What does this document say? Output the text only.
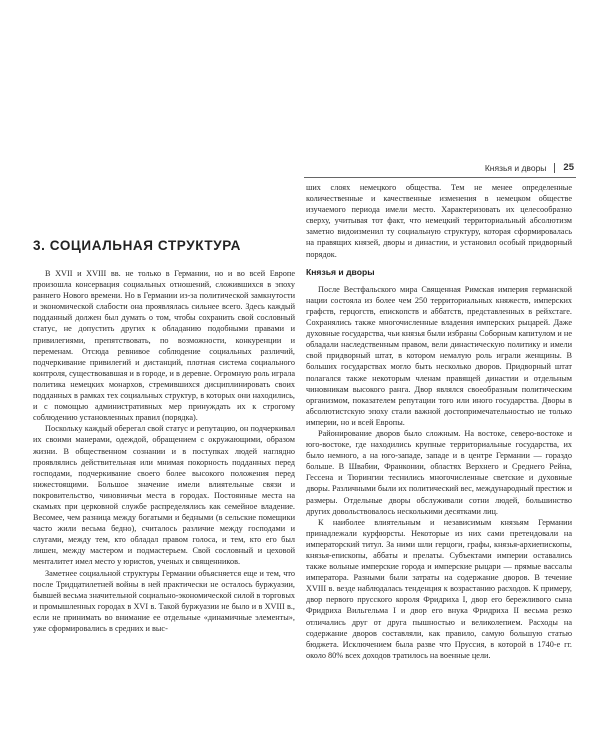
Князья и дворы 25
3. СОЦИАЛЬНАЯ СТРУКТУРА

В XVII и XVIII вв. не только в Германии, но и во всей Европе произошла консервация социальных отношений, сложившихся в эпоху раннего Нового времени. Но в Германии из-за политической замкнутости и экономической слабости она проявлялась сильнее всего. Здесь каждый подданный должен был думать о том, чтобы сохранить свой сословный статус, не допустить других к обладанию подобными правами и привилегиями, препятствовать, по возможности, конкуренции и переменам. Отсюда ревнивое соблюдение социальных различий, подчеркивание привилегий и дистанций, плотная система социального контроля, существовавшая и в городе, и в деревне. Огромную роль играла политика немецких монархов, стремившихся дисциплинировать своих подданных в рамках тех социальных структур, в которых они находились, и с помощью административных мер принуждать их к строгому соблюдению установленных правил (порядка).

Поскольку каждый оберегал свой статус и репутацию, он подчеркивал их своими манерами, одеждой, обращением с окружающими, образом жизни. В общественном сознании и в поступках людей наглядно проявлялись действительная или мнимая покорность подданных перед господами, подчеркивание своего более высокого положения перед нижестоящими. Большое значение имели влиятельные связи и покровительство, чиновничьи места в городах. Постоянные места на скамьях при церковной службе распределялись как семейное владение. Весомее, чем разница между богатыми и бедными (в сельские помещики часто жили весьма бедно), считалось различие между господами и слугами, между тем, кто обладал правом голоса, и тем, кто его был лишен, между мастером и подмастерьем. Свой сословный и цеховой менталитет имел место у юристов, ученых и священников.

Заметнее социальной структуры Германии объясняется еще и тем, что после Тридцатилетней войны в ней практически не осталось буржуазии, бывшей весьма значительной социально-экономической силой в торговых и промышленных городах в XVI в. Такой буржуазии не было и в XVIII в., если не принимать во внимание ее отдельные «динамичные элементы», уже сформировались в средних и выс-

ших слоях немецкого общества. Тем не менее определенные количественные и качественные изменения в немецком обществе изучаемого периода имели место. Характеризовать их целесообразно сверху, учитывая тот факт, что немецкий территориальный абсолютизм заметно видоизменил ту социальную структуру, которая сформировалась на правящих князей, дворы и династии, и установил особый придворный порядок.

Князья и дворы

После Вестфальского мира Священная Римская империя германской нации состояла из более чем 250 территориальных княжеств, имперских графств, герцогств, епископств и аббатств, представленных в рейхстаге. Сохранялись также многочисленные владения имперских рыцарей. Даже духовные государства, чьи князья были избраны Соборным капитулом и не обладали наследственным правом, вели династическую политику и имели свой придворный штат, в котором немалую роль играли женщины. В больших государствах могло быть несколько дворов. Придворный штат полагался также некоторым членам правящей династии и отдельным чиновникам высокого ранга. Двор являлся своеобразным политическим организмом, показателем репутации того или иного государства. Дворы в абсолютистскую эпоху стали важной достопримечательностью не только империи, но и всей Европы.

Райониpование дворов было сложным. На востоке, северо-востоке и юго-востоке, где находились крупные территориальные государства, их было немного, а на юго-западе, западе и в центре Германии — гораздо больше. В Швабии, Франконии, областях Верхнего и Среднего Рейна, Гессена и Тюрингии теснились многочисленные светские и духовные дворы. Различными были их политический вес, международный престиж и размеры. Отдельные дворы обслуживали сотни людей, большинство других довольствовалось несколькими десятками лиц.

К наиболее влиятельным и независимым князьям Германии принадлежали курфюрсты. Некоторые из них сами претендовали на императорский титул. За ними шли герцоги, графы, князья-архиепископы, князья-епископы, аббаты и прелаты. Субъектами империи оставались также вольные имперские города и имперские рыцари — прямые вассалы императора. Разными были затраты на содержание дворов. В течение XVIII в. везде наблюдалась тенденция к возрастанию расходов. К примеру, двор первого прусского короля Фридриха I, двор его бережливого сына Фридриха Вильгельма I и двор его внука Фридриха II весьма резко отличались друг от друга пышностью и великолепием. Расходы на содержание дворов составляли, как правило, самую большую статью бюджета. Исключением была разве что Пруссия, в которой в 1740-е гг. около 80% всех доходов тратилось на военные цели.
